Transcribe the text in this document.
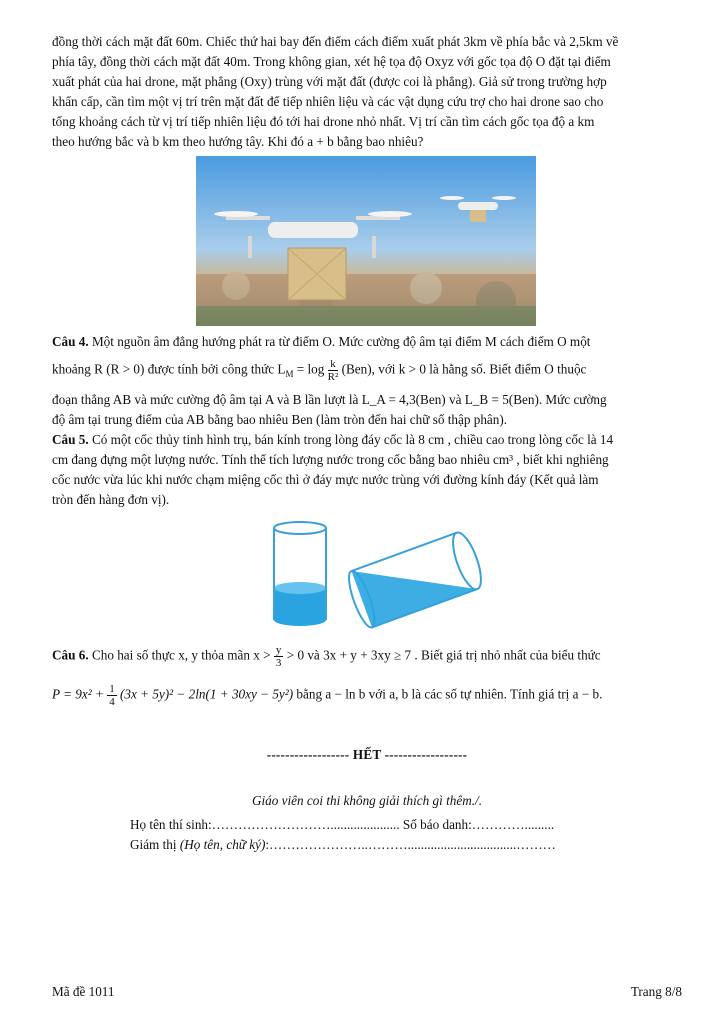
đồng thời cách mặt đất 60m. Chiếc thứ hai bay đến điểm cách điểm xuất phát 3km về phía bắc và 2,5km về

phía tây, đồng thời cách mặt đất 40m. Trong không gian, xét hệ tọa độ Oxyz với gốc tọa độ O đặt tại điểm

xuất phát của hai drone, mặt phẳng (Oxy) trùng với mặt đất (được coi là phẳng). Giả sử trong trường hợp

khẩn cấp, cần tìm một vị trí trên mặt đất để tiếp nhiên liệu và các vật dụng cứu trợ cho hai drone sao cho

tổng khoảng cách từ vị trí tiếp nhiên liệu đó tới hai drone nhỏ nhất. Vị trí cần tìm cách gốc tọa độ a km

theo hướng bắc và b km theo hướng tây. Khi đó a + b bằng bao nhiêu?

Câu 4. Một nguồn âm đẳng hướng phát ra từ điểm O. Mức cường độ âm tại điểm M cách điểm O một

khoảng R (R > 0) được tính bởi công thức $L_M = \log \frac{k}{\text{R²}} (Ben)$, với k > 0 là hằng số. Biết điểm O thuộc

đoạn thẳng AB và mức cường độ âm tại A và B lần lượt là L_A = 4,3(Ben) và L_B = 5(Ben). Mức cường

độ âm tại trung điểm của AB bằng bao nhiêu Ben (làm tròn đến hai chữ số thập phân).

Câu 5. Có một cốc thủy tinh hình trụ, bán kính trong lòng đáy cốc là 8 cm , chiều cao trong lòng cốc là 14

cm đang đựng một lượng nước. Tính thể tích lượng nước trong cốc bằng bao nhiêu cm³ , biết khi nghiêng

cốc nước vừa lúc khi nước chạm miệng cốc thì ở đáy mực nước trùng với đường kính đáy (Kết quả làm

tròn đến hàng đơn vị).

Câu 6. Cho hai số thực x, y thỏa mãn $x > \frac{y}{3} > 0$ và 3x + y + 3xy ≥ 7 . Biết giá trị nhỏ nhất của biểu thức

$P = 9x^2 + \frac{1}{4} (3x + 5y)^2 - 2\ln(1 + 30xy - 5y^2)$ bằng a − ln b với a, b là các số tự nhiên. Tính giá trị a − b.

------------------ HẾT ------------------

Giáo viên coi thi không giải thích gì thêm./.

Họ tên thí sinh:………………………..................... Số báo danh:………….........

Giám thị (Họ tên, chữ ký):…………………..……….................................………

Mã đề 1011	Trang 8/8
